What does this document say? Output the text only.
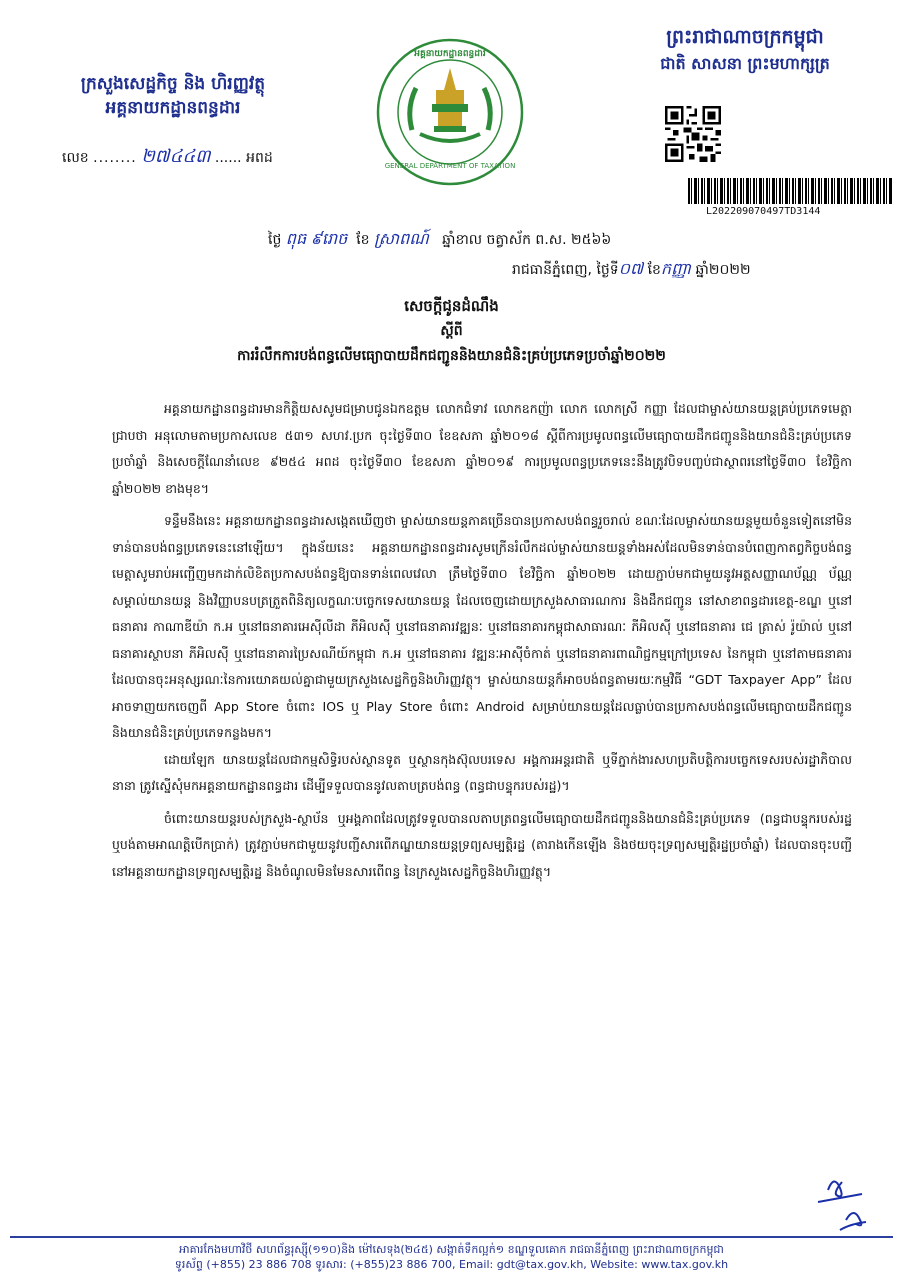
ក្រសួងសេដ្ឋកិច្ច និង ហិរញ្ញវត្ថុ
អគ្គនាយកដ្ឋានពន្ធដារ
លេខ ........ ២៧៤៤៣ ...... អពដ	GENERAL DEPARTMENT OF TAXATION
អគ្គនាយកដ្ឋានពន្ធដារ
ព្រះរាជាណាចក្រកម្ពុជា
ជាតិ សាសនា ព្រះមហាក្សត្រ
L20220907049​7TD3144
ថ្ងៃ ពុធ ៩រោច ខែ ស្រាពណ៍ ឆ្នាំខាល ចត្វាស័ក ព.ស. ២៥៦៦
រាជធានីភ្នំពេញ, ថ្ងៃទី០៧ ខែកញ្ញា ឆ្នាំ២០២២
សេចក្តីជូនដំណឹង
ស្តីពី
ការរំលឹកការបង់ពន្ធលើមធ្យោបាយដឹកជញ្ជូននិងយានជំនិះគ្រប់ប្រភេទប្រចាំឆ្នាំ២០២២

អគ្គនាយកដ្ឋានពន្ធដារមានកិត្តិយសសូមជម្រាបជូនឯកឧត្តម លោកជំទាវ លោកឧកញ៉ា លោក លោកស្រី កញ្ញា ដែលជាម្ចាស់យានយន្តគ្រប់ប្រភេទមេត្តាជ្រាបថា អនុលោមតាមប្រកាសលេខ ៥៣១ សហវ.ប្រក ចុះថ្ងៃទី៣០ ខែឧសភា ឆ្នាំ២០១៨ ស្តីពីការប្រមូលពន្ធលើមធ្យោបាយដឹកជញ្ជូននិងយានជំនិះគ្រប់ប្រភេទប្រចាំឆ្នាំ និងសេចក្តីណែនាំលេខ ៩២៥៤ អពដ ចុះថ្ងៃទី៣០ ខែឧសភា ឆ្នាំ២០១៩ ការប្រមូលពន្ធប្រភេទនេះនឹងត្រូវបិទបញ្ចប់ជាស្ថាពរនៅថ្ងៃទី៣០ ខែវិច្ឆិកា ឆ្នាំ២០២២ ខាងមុខ។

ទន្ទឹមនឹងនេះ អគ្គនាយកដ្ឋានពន្ធដារសង្កេតឃើញថា ម្ចាស់យានយន្តភាគច្រើនបានប្រកាសបង់ពន្ធរួចរាល់ ខណៈដែលម្ចាស់យានយន្តមួយចំនួនទៀតនៅមិនទាន់បានបង់ពន្ធប្រភេទនេះនៅឡើយ។ ក្នុងន័យនេះ អគ្គនាយកដ្ឋានពន្ធដារសូមក្រើនរំលឹកដល់ម្ចាស់យានយន្តទាំងអស់ដែលមិនទាន់បានបំពេញកាតព្វកិច្ចបង់ពន្ធ មេត្តាសូមរាប់អញ្ជើញមកដាក់លិខិតប្រកាសបង់ពន្ធឱ្យបានទាន់ពេលវេលា ត្រឹមថ្ងៃទី៣០ ខែវិច្ឆិកា ឆ្នាំ២០២២ ដោយភ្ជាប់មកជាមួយនូវអត្តសញ្ញាណប័ណ្ណ ប័ណ្ណសម្គាល់យានយន្ត និងវិញ្ញាបនបត្រត្រួតពិនិត្យលក្ខណៈបច្ចេកទេសយានយន្ត ដែលចេញដោយក្រសួងសាធារណការ និងដឹកជញ្ជូន នៅសាខាពន្ធដារខេត្ត-ខណ្ឌ ឬនៅធនាគារ កាណាឌីយ៉ា ក.អ ឬនៅធនាគារអេស៊ីលីដា ភីអិលស៊ី ឬនៅធនាគារវឌ្ឍនៈ ឬនៅធនាគារកម្ពុជាសាធារណៈ ភីអិលស៊ី ឬនៅធនាគារ ជេ ត្រាស់ រ៉ូយ៉ាល់ ឬនៅធនាគារស្ថាបនា ភីអិលស៊ី ឬនៅធនាគារប្រៃសណីយ៍កម្ពុជា ក.អ ឬនៅធនាគារ វឌ្ឍនៈអាស៊ីចំកាត់ ឬនៅធនាគារពាណិជ្ជកម្មក្រៅប្រទេស នៃកម្ពុជា ឬនៅតាមធនាគារដែលបានចុះអនុស្សរណៈនៃការយោគយល់គ្នាជាមួយក្រសួងសេដ្ឋកិច្ចនិងហិរញ្ញវត្ថុ។ ម្ចាស់យានយន្តក៏អាចបង់ពន្ធតាមរយៈកម្មវិធី “GDT Taxpayer App” ដែលអាចទាញយកចេញពី App Store ចំពោះ IOS ឬ Play Store ចំពោះ Android សម្រាប់យានយន្តដែលធ្លាប់បានប្រកាសបង់ពន្ធលើមធ្យោបាយដឹកជញ្ជូននិងយានជំនិះគ្រប់ប្រភេទកន្លងមក។

ដោយឡែក យានយន្តដែលជាកម្មសិទ្ធិរបស់ស្ថានទូត ឬស្ថានកុងស៊ុលបរទេស អង្គការអន្តរជាតិ ឬទីភ្នាក់ងារសហប្រតិបត្តិការបច្ចេកទេសរបស់រដ្ឋាភិបាលនានា ត្រូវស្នើសុំមកអគ្គនាយកដ្ឋានពន្ធដារ ដើម្បីទទួលបាននូវលតាបត្របង់ពន្ធ (ពន្ធជាបន្ទុករបស់រដ្ឋ)។

ចំពោះយានយន្តរបស់ក្រសួង-ស្ថាប័ន ឬអង្គភាពដែលត្រូវទទួលបានលតាបត្រពន្ធលើមធ្យោបាយដឹកជញ្ជូននិងយានជំនិះគ្រប់ប្រភេទ (ពន្ធជាបន្ទុករបស់រដ្ឋ ឬបង់តាមអាណត្តិបើកប្រាក់) ត្រូវភ្ជាប់មកជាមួយនូវបញ្ជីសារពើភណ្ឌយានយន្តទ្រព្យសម្បត្តិរដ្ឋ (តារាងកើនឡើង និងថយចុះទ្រព្យសម្បត្តិរដ្ឋប្រចាំឆ្នាំ) ដែលបានចុះបញ្ជីនៅអគ្គនាយកដ្ឋានទ្រព្យសម្បត្តិរដ្ឋ និងចំណូលមិនមែនសារពើពន្ធ នៃក្រសួងសេដ្ឋកិច្ចនិងហិរញ្ញវត្ថុ។

អាគារកែងមហាវិថី សហព័ន្ធរុស្ស៊ី(១១០)និង ម៉ៅសេទុង(២៤៥) សង្កាត់ទឹកល្អក់១ ខណ្ឌទួលគោក រាជធានីភ្នំពេញ ព្រះរាជាណាចក្រកម្ពុជា
ទូរស័ព្ទ (+855) 23 886 708 ទូរសារ: (+855)23 886 700, Email: gdt@tax.gov.kh, Website: www.tax.gov.kh
